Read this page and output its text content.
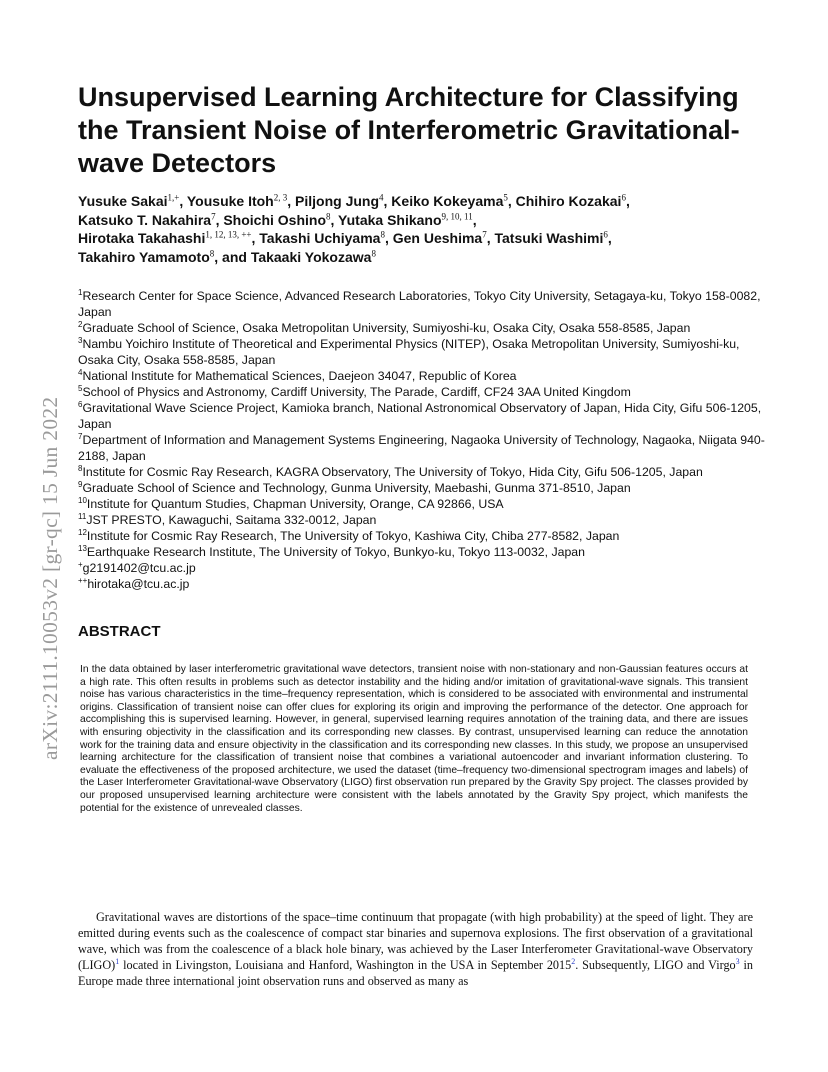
arXiv:2111.10053v2 [gr-qc] 15 Jun 2022
Unsupervised Learning Architecture for Classifying the Transient Noise of Interferometric Gravitational-wave Detectors
Yusuke Sakai$^{1,+}$, Yousuke Itoh$^{2, 3}$, Piljong Jung$^4$, Keiko Kokeyama$^5$, Chihiro Kozakai$^6$,
Katsuko T. Nakahira$^7$, Shoichi Oshino$^8$, Yutaka Shikano$^{9, 10, 11}$,
Hirotaka Takahashi$^{1, 12, 13, ++}$, Takashi Uchiyama$^8$, Gen Ueshima$^7$, Tatsuki Washimi$^6$,
Takahiro Yamamoto$^8$, and Takaaki Yokozawa$^8$
$^1$Research Center for Space Science, Advanced Research Laboratories, Tokyo City University, Setagaya-ku, Tokyo 158-0082, Japan
$^2$Graduate School of Science, Osaka Metropolitan University, Sumiyoshi-ku, Osaka City, Osaka 558-8585, Japan
$^3$Nambu Yoichiro Institute of Theoretical and Experimental Physics (NITEP), Osaka Metropolitan University, Sumiyoshi-ku, Osaka City, Osaka 558-8585, Japan
$^4$National Institute for Mathematical Sciences, Daejeon 34047, Republic of Korea
$^5$School of Physics and Astronomy, Cardiff University, The Parade, Cardiff, CF24 3AA United Kingdom
$^6$Gravitational Wave Science Project, Kamioka branch, National Astronomical Observatory of Japan, Hida City, Gifu 506-1205, Japan
$^7$Department of Information and Management Systems Engineering, Nagaoka University of Technology, Nagaoka, Niigata 940-2188, Japan
$^8$Institute for Cosmic Ray Research, KAGRA Observatory, The University of Tokyo, Hida City, Gifu 506-1205, Japan
$^9$Graduate School of Science and Technology, Gunma University, Maebashi, Gunma 371-8510, Japan
$^{10}$Institute for Quantum Studies, Chapman University, Orange, CA 92866, USA
$^{11}$JST PRESTO, Kawaguchi, Saitama 332-0012, Japan
$^{12}$Institute for Cosmic Ray Research, The University of Tokyo, Kashiwa City, Chiba 277-8582, Japan
$^{13}$Earthquake Research Institute, The University of Tokyo, Bunkyo-ku, Tokyo 113-0032, Japan
+g2191402@tcu.ac.jp
++hirotaka@tcu.ac.jp
ABSTRACT

In the data obtained by laser interferometric gravitational wave detectors, transient noise with non-stationary and non-Gaussian features occurs at a high rate. This often results in problems such as detector instability and the hiding and/or imitation of gravitational-wave signals. This transient noise has various characteristics in the time–frequency representation, which is considered to be associated with environmental and instrumental origins. Classification of transient noise can offer clues for exploring its origin and improving the performance of the detector. One approach for accomplishing this is supervised learning. However, in general, supervised learning requires annotation of the training data, and there are issues with ensuring objectivity in the classification and its corresponding new classes. By contrast, unsupervised learning can reduce the annotation work for the training data and ensure objectivity in the classification and its corresponding new classes. In this study, we propose an unsupervised learning architecture for the classification of transient noise that combines a variational autoencoder and invariant information clustering. To evaluate the effectiveness of the proposed architecture, we used the dataset (time–frequency two-dimensional spectrogram images and labels) of the Laser Interferometer Gravitational-wave Observatory (LIGO) first observation run prepared by the Gravity Spy project. The classes provided by our proposed unsupervised learning architecture were consistent with the labels annotated by the Gravity Spy project, which manifests the potential for the existence of unrevealed classes.

Gravitational waves are distortions of the space–time continuum that propagate (with high probability) at the speed of light. They are emitted during events such as the coalescence of compact star binaries and supernova explosions. The first observation of a gravitational wave, which was from the coalescence of a black hole binary, was achieved by the Laser Interferometer Gravitational-wave Observatory (LIGO)$^1$ located in Livingston, Louisiana and Hanford, Washington in the USA in September 2015$^2$. Subsequently, LIGO and Virgo$^3$ in Europe made three international joint observation runs and observed as many as
